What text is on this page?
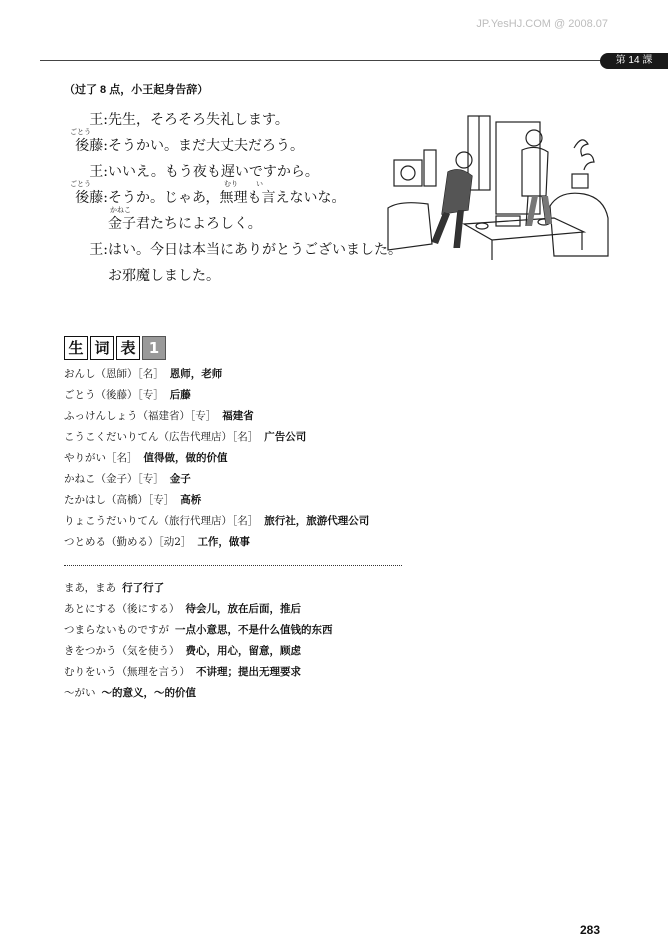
JP.YesHJ.COM @ 2008.07
第 14 課
（过了 8 点，小王起身告辞）
王: 先生，そろそろ失礼します。
ごとう
後藤: そうかい。まだ大丈夫だろう。
王: いいえ。もう夜も遅いですから。
ごとう	むり	い
後藤: そうか。じゃあ，無理も言えないな。
かねこ
金子君たちによろしく。
王: はい。今日は本当にありがとうございました。
お邪魔しました。
生 词 表 1
おんし（恩師）［名］ 恩师，老师
ごとう（後藤）［专］ 后藤
ふっけんしょう（福建省）［专］ 福建省
こうこくだいりてん（広告代理店）［名］ 广告公司
やりがい［名］ 值得做，做的价值
かねこ（金子）［专］ 金子
たかはし（高橋）［专］ 高桥
りょこうだいりてん（旅行代理店）［名］ 旅行社，旅游代理公司
つとめる（勤める）［动2］ 工作，做事
まあ，まあ 行了行了
あとにする（後にする） 待会儿，放在后面，推后
つまらないものですが 一点小意思，不是什么值钱的东西
きをつかう（気を使う） 费心，用心，留意，顾虑
むりをいう（無理を言う） 不讲理；提出无理要求
～がい ～的意义，～的价值
283
